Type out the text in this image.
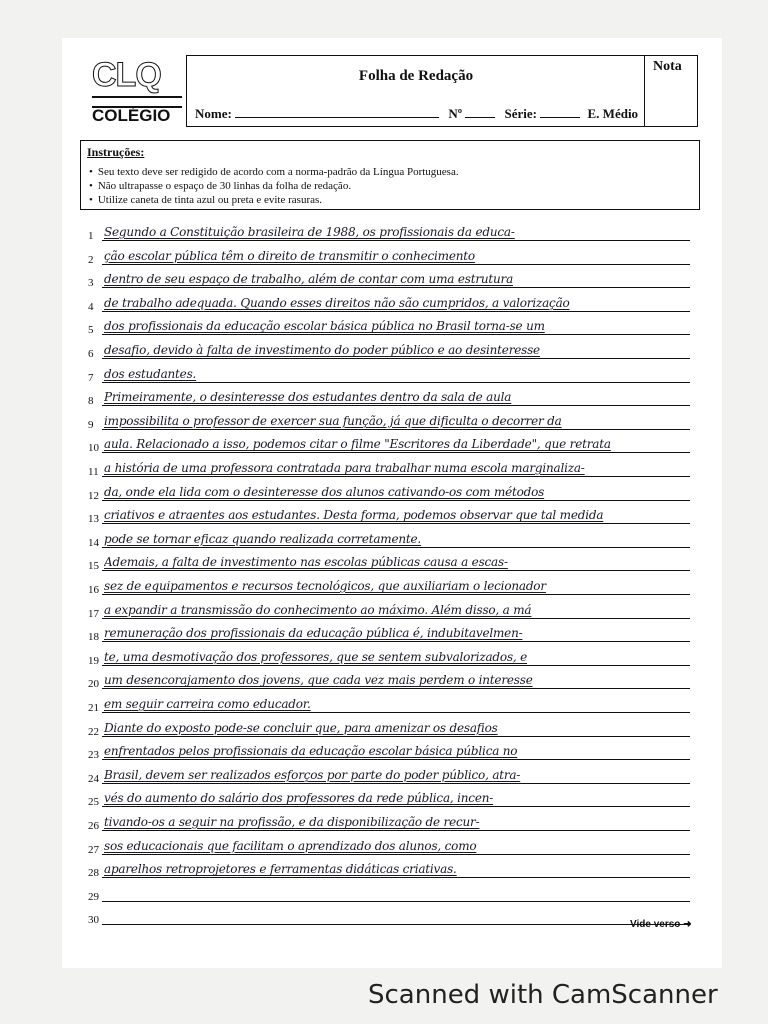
CLQ
COLÉGIO
Folha de Redação
Nota
Nome:	Nº	Série:	E. Médio
Instruções:
• Seu texto deve ser redigido de acordo com a norma-padrão da Língua Portuguesa.
• Não ultrapasse o espaço de 30 linhas da folha de redação.
• Utilize caneta de tinta azul ou preta e evite rasuras.
1 Segundo a Constituição brasileira de 1988, os profissionais da educa-
2 ção escolar pública têm o direito de transmitir o conhecimento
3 dentro de seu espaço de trabalho, além de contar com uma estrutura
4 de trabalho adequada. Quando esses direitos não são cumpridos, a valorização
5 dos profissionais da educação escolar básica pública no Brasil torna-se um
6 desafio, devido à falta de investimento do poder público e ao desinteresse
7 dos estudantes.
8 Primeiramente, o desinteresse dos estudantes dentro da sala de aula
9 impossibilita o professor de exercer sua função, já que dificulta o decorrer da
10 aula. Relacionado a isso, podemos citar o filme "Escritores da Liberdade", que retrata
11 a história de uma professora contratada para trabalhar numa escola marginaliza-
12 da, onde ela lida com o desinteresse dos alunos cativando-os com métodos
13 criativos e atraentes aos estudantes. Desta forma, podemos observar que tal medida
14 pode se tornar eficaz quando realizada corretamente.
15 Ademais, a falta de investimento nas escolas públicas causa a escas-
16 sez de equipamentos e recursos tecnológicos, que auxiliariam o lecionador
17 a expandir a transmissão do conhecimento ao máximo. Além disso, a má
18 remuneração dos profissionais da educação pública é, indubitavelmen-
19 te, uma desmotivação dos professores, que se sentem subvalorizados, e
20 um desencorajamento dos jovens, que cada vez mais perdem o interesse
21 em seguir carreira como educador.
22 Diante do exposto pode-se concluir que, para amenizar os desafios
23 enfrentados pelos profissionais da educação escolar básica pública no
24 Brasil, devem ser realizados esforços por parte do poder público, atra-
25 vés do aumento do salário dos professores da rede pública, incen-
26 tivando-os a seguir na profissão, e da disponibilização de recur-
27 sos educacionais que facilitam o aprendizado dos alunos, como
28 aparelhos retroprojetores e ferramentas didáticas criativas.
29
30	Vide verso ➜
Scanned with CamScanner
